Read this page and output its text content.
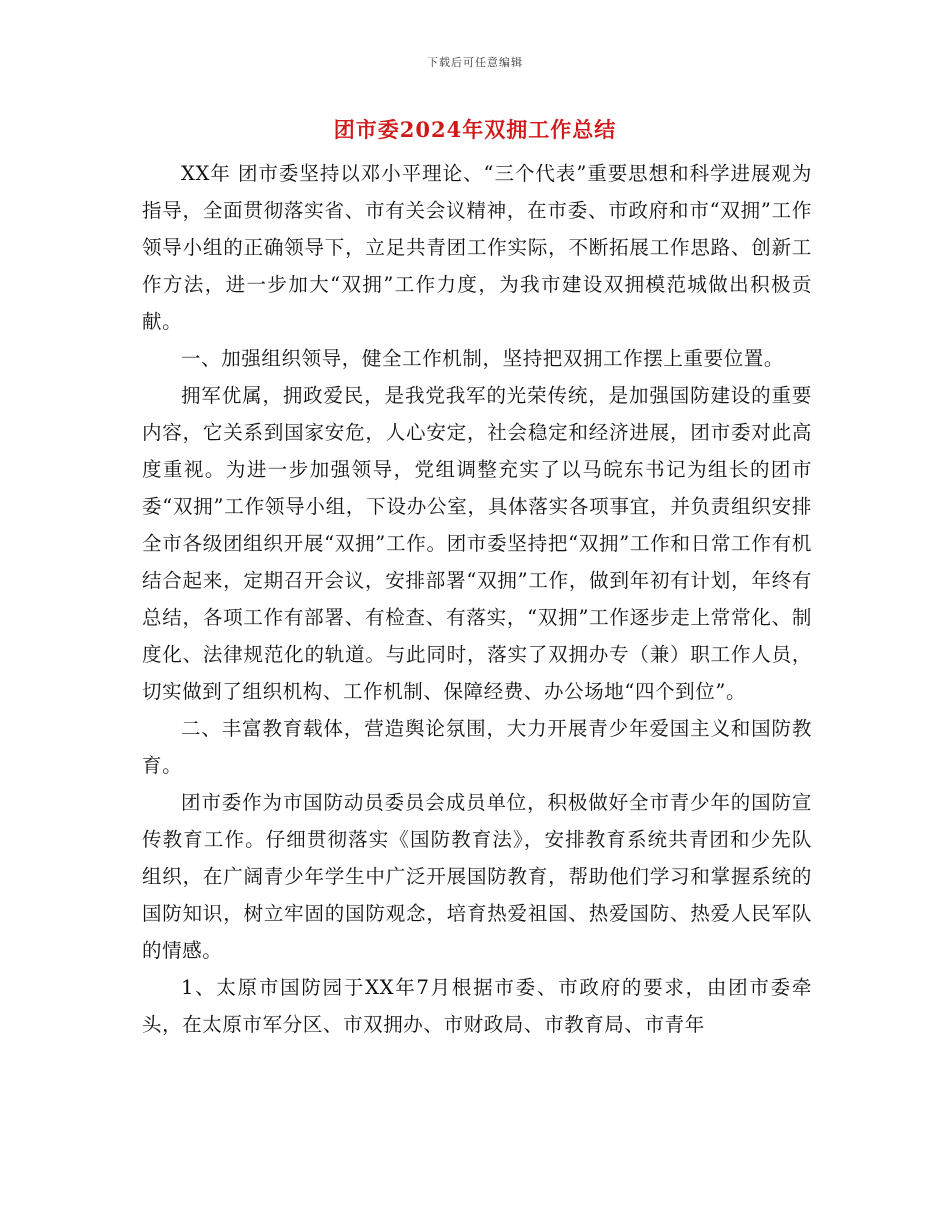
下载后可任意编辑
团市委2024年双拥工作总结

XX年 团市委坚持以邓小平理论、“三个代表”重要思想和科学进展观为指导，全面贯彻落实省、市有关会议精神，在市委、市政府和市“双拥”工作领导小组的正确领导下，立足共青团工作实际，不断拓展工作思路、创新工作方法，进一步加大“双拥”工作力度，为我市建设双拥模范城做出积极贡献。

一、加强组织领导，健全工作机制，坚持把双拥工作摆上重要位置。

拥军优属，拥政爱民，是我党我军的光荣传统，是加强国防建设的重要内容，它关系到国家安危，人心安定，社会稳定和经济进展，团市委对此高度重视。为进一步加强领导，党组调整充实了以马皖东书记为组长的团市委“双拥”工作领导小组，下设办公室，具体落实各项事宜，并负责组织安排全市各级团组织开展“双拥”工作。团市委坚持把“双拥”工作和日常工作有机结合起来，定期召开会议，安排部署“双拥”工作，做到年初有计划，年终有总结，各项工作有部署、有检查、有落实，“双拥”工作逐步走上常常化、制度化、法律规范化的轨道。与此同时，落实了双拥办专（兼）职工作人员，切实做到了组织机构、工作机制、保障经费、办公场地“四个到位”。

二、丰富教育载体，营造舆论氛围，大力开展青少年爱国主义和国防教育。

团市委作为市国防动员委员会成员单位，积极做好全市青少年的国防宣传教育工作。仔细贯彻落实《国防教育法》，安排教育系统共青团和少先队组织，在广阔青少年学生中广泛开展国防教育，帮助他们学习和掌握系统的国防知识，树立牢固的国防观念，培育热爱祖国、热爱国防、热爱人民军队的情感。

1、太原市国防园于XX年7月根据市委、市政府的要求，由团市委牵头，在太原市军分区、市双拥办、市财政局、市教育局、市青年
